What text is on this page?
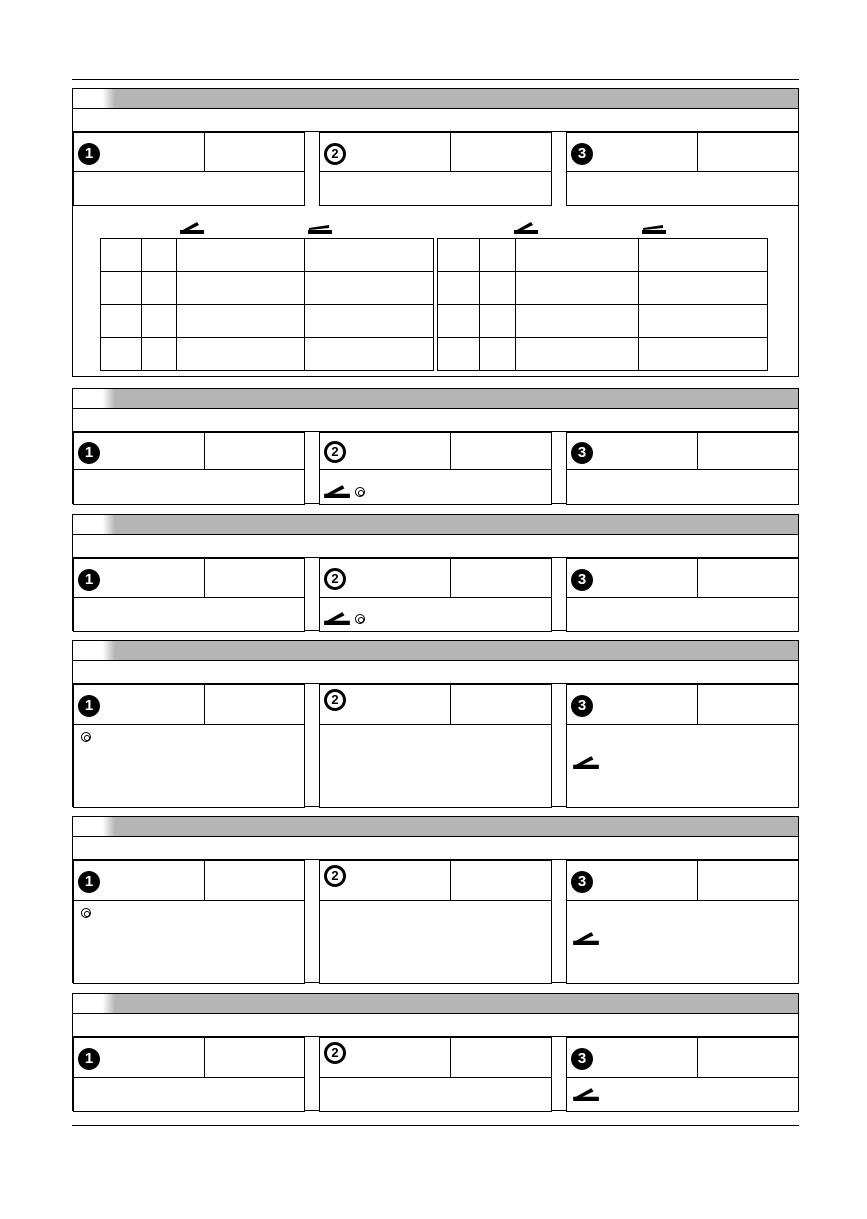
1	2	3

1	2	3
1	2	3
1	2	3
1	2	3
1	2	3
